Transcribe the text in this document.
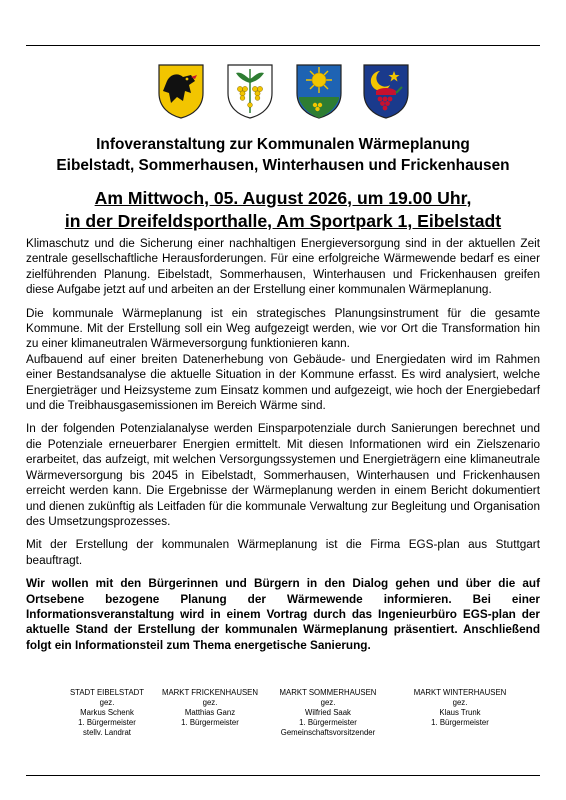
Infoveranstaltung zur Kommunalen Wärmeplanung
Eibelstadt, Sommerhausen, Winterhausen und Frickenhausen
Am Mittwoch, 05. August 2026, um 19.00 Uhr,
in der Dreifeldsporthalle, Am Sportpark 1, Eibelstadt

Klimaschutz und die Sicherung einer nachhaltigen Energieversorgung sind in der aktuellen Zeit zentrale gesellschaftliche Herausforderungen. Für eine erfolgreiche Wärmewende bedarf es einer zielführenden Planung. Eibelstadt, Sommerhausen, Winterhausen und Frickenhausen greifen diese Aufgabe jetzt auf und arbeiten an der Erstellung einer kommunalen Wärmeplanung.

Die kommunale Wärmeplanung ist ein strategisches Planungsinstrument für die gesamte Kommune. Mit der Erstellung soll ein Weg aufgezeigt werden, wie vor Ort die Transformation hin zu einer klimaneutralen Wärmeversorgung funktionieren kann.

Aufbauend auf einer breiten Datenerhebung von Gebäude- und Energiedaten wird im Rahmen einer Bestandsanalyse die aktuelle Situation in der Kommune erfasst. Es wird analysiert, welche Energieträger und Heizsysteme zum Einsatz kommen und aufgezeigt, wie hoch der Energiebedarf und die Treibhausgasemissionen im Bereich Wärme sind.

In der folgenden Potenzialanalyse werden Einsparpotenziale durch Sanierungen berechnet und die Potenziale erneuerbarer Energien ermittelt. Mit diesen Informationen wird ein Zielszenario erarbeitet, das aufzeigt, mit welchen Versorgungssystemen und Energieträgern eine klimaneutrale Wärmeversorgung bis 2045 in Eibelstadt, Sommerhausen, Winterhausen und Frickenhausen erreicht werden kann. Die Ergebnisse der Wärmeplanung werden in einem Bericht dokumentiert und dienen zukünftig als Leitfaden für die kommunale Verwaltung zur Begleitung und Organisation des Umsetzungsprozesses.

Mit der Erstellung der kommunalen Wärmeplanung ist die Firma EGS-plan aus Stuttgart beauftragt.

Wir wollen mit den Bürgerinnen und Bürgern in den Dialog gehen und über die auf Ortsebene bezogene Planung der Wärmewende informieren. Bei einer Informationsveranstaltung wird in einem Vortrag durch das Ingenieurbüro EGS-plan der aktuelle Stand der Erstellung der kommunalen Wärmeplanung präsentiert. Anschließend folgt ein Informationsteil zum Thema energetische Sanierung.

STADT EIBELSTADT
gez.
Markus Schenk
1. Bürgermeister
stellv. Landrat
MARKT FRICKENHAUSEN
gez.
Matthias Ganz
1. Bürgermeister
MARKT SOMMERHAUSEN
gez.
Wilfried Saak
1. Bürgermeister
Gemeinschaftsvorsitzender
MARKT WINTERHAUSEN
gez.
Klaus Trunk
1. Bürgermeister
